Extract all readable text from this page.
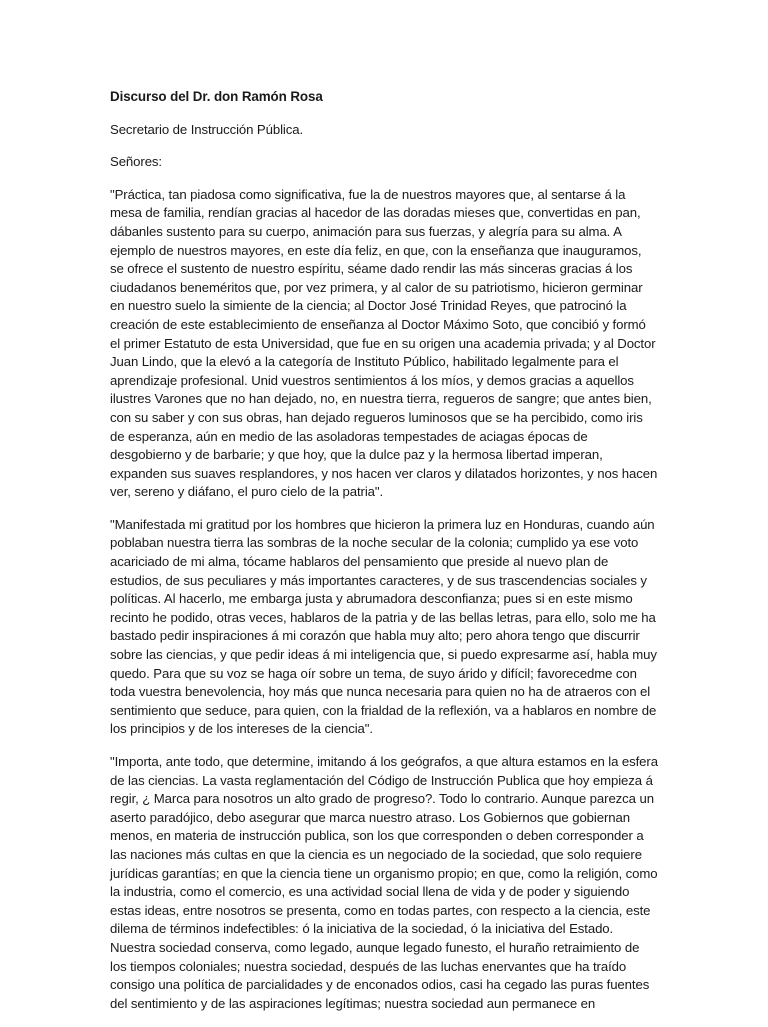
Discurso del Dr. don Ramón Rosa

Secretario de Instrucción Pública.

Señores:

"Práctica, tan piadosa como significativa, fue la de nuestros mayores que, al sentarse á la mesa de familia, rendían gracias al hacedor de las doradas mieses que, convertidas en pan, dábanles sustento para su cuerpo, animación para sus fuerzas, y alegría para su alma. A ejemplo de nuestros mayores, en este día feliz, en que, con la enseñanza que inauguramos, se ofrece el sustento de nuestro espíritu, séame dado rendir las más sinceras gracias á los ciudadanos beneméritos que, por vez primera, y al calor de su patriotismo, hicieron germinar en nuestro suelo la simiente de la ciencia; al Doctor José Trinidad Reyes, que patrocinó la creación de este establecimiento de enseñanza al Doctor Máximo Soto, que concibió y formó el primer Estatuto de esta Universidad, que fue en su origen una academia privada; y al Doctor Juan Lindo, que la elevó a la categoría de Instituto Público, habilitado legalmente para el aprendizaje profesional. Unid vuestros sentimientos á los míos, y demos gracias a aquellos ilustres Varones que no han dejado, no, en nuestra tierra, regueros de sangre; que antes bien, con su saber y con sus obras, han dejado regueros luminosos que se ha percibido, como iris de esperanza, aún en medio de las asoladoras tempestades de aciagas épocas de desgobierno y de barbarie; y que hoy, que la dulce paz y la hermosa libertad imperan, expanden sus suaves resplandores, y nos hacen ver claros y dilatados horizontes, y nos hacen ver, sereno y diáfano, el puro cielo de la patria".

"Manifestada mi gratitud por los hombres que hicieron la primera luz en Honduras, cuando aún poblaban nuestra tierra las sombras de la noche secular de la colonia; cumplido ya ese voto acariciado de mi alma, tócame hablaros del pensamiento que preside al nuevo plan de estudios, de sus peculiares y más importantes caracteres, y de sus trascendencias sociales y políticas. Al hacerlo, me embarga justa y abrumadora desconfianza; pues si en este mismo recinto he podido, otras veces, hablaros de la patria y de las bellas letras, para ello, solo me ha bastado pedir inspiraciones á mi corazón que habla muy alto; pero ahora tengo que discurrir sobre las ciencias, y que pedir ideas á mi inteligencia que, si puedo expresarme así, habla muy quedo. Para que su voz se haga oír sobre un tema, de suyo árido y difícil; favorecedme con toda vuestra benevolencia, hoy más que nunca necesaria para quien no ha de atraeros con el sentimiento que seduce, para quien, con la frialdad de la reflexión, va a hablaros en nombre de los principios y de los intereses de la ciencia".

"Importa, ante todo, que determine, imitando á los geógrafos, a que altura estamos en la esfera de las ciencias. La vasta reglamentación del Código de Instrucción Publica que hoy empieza á regir, ¿ Marca para nosotros un alto grado de progreso?. Todo lo contrario. Aunque parezca un aserto paradójico, debo asegurar que marca nuestro atraso. Los Gobiernos que gobiernan menos, en materia de instrucción publica, son los que corresponden o deben corresponder a las naciones más cultas en que la ciencia es un negociado de la sociedad, que solo requiere jurídicas garantías; en que la ciencia tiene un organismo propio; en que, como la religión, como la industria, como el comercio, es una actividad social llena de vida y de poder y siguiendo estas ideas, entre nosotros se presenta, como en todas partes, con respecto a la ciencia, este dilema de términos indefectibles: ó la iniciativa de la sociedad, ó la iniciativa del Estado. Nuestra sociedad conserva, como legado, aunque legado funesto, el huraño retraimiento de los tiempos coloniales; nuestra sociedad, después de las luchas enervantes que ha traído consigo una política de parcialidades y de enconados odios, casi ha cegado las puras fuentes del sentimiento y de las aspiraciones legítimas; nuestra sociedad aun permanece en
